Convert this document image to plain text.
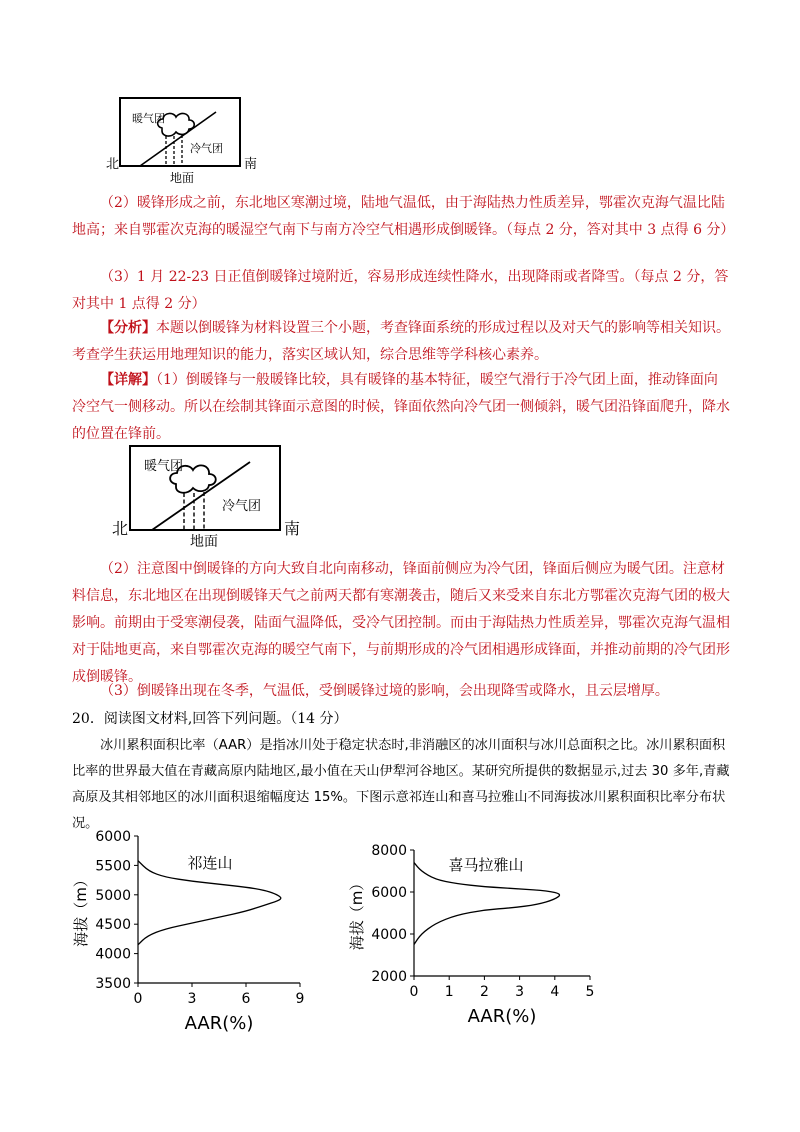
暖气团
冷气团
北	南
地面

（2）暖锋形成之前，东北地区寒潮过境，陆地气温低，由于海陆热力性质差异，鄂霍次克海气温比陆地高；来自鄂霍次克海的暖湿空气南下与南方冷空气相遇形成倒暖锋。（每点 2 分，答对其中 3 点得 6 分）

（3）1 月 22-23 日正值倒暖锋过境附近，容易形成连续性降水，出现降雨或者降雪。（每点 2 分，答对其中 1 点得 2 分）

【分析】本题以倒暖锋为材料设置三个小题，考查锋面系统的形成过程以及对天气的影响等相关知识。考查学生获运用地理知识的能力，落实区域认知，综合思维等学科核心素养。

【详解】（1）倒暖锋与一般暖锋比较，具有暖锋的基本特征，暖空气滑行于冷气团上面，推动锋面向冷空气一侧移动。所以在绘制其锋面示意图的时候，锋面依然向冷气团一侧倾斜，暖气团沿锋面爬升，降水的位置在锋前。

暖气团
冷气团
北	南
地面

（2）注意图中倒暖锋的方向大致自北向南移动，锋面前侧应为冷气团，锋面后侧应为暖气团。注意材料信息，东北地区在出现倒暖锋天气之前两天都有寒潮袭击，随后又来受来自东北方鄂霍次克海气团的极大影响。前期由于受寒潮侵袭，陆面气温降低，受冷气团控制。而由于海陆热力性质差异，鄂霍次克海气温相对于陆地更高，来自鄂霍次克海的暖空气南下，与前期形成的冷气团相遇形成锋面，并推动前期的冷气团形成倒暖锋。

（3）倒暖锋出现在冬季，气温低，受倒暖锋过境的影响，会出现降雪或降水，且云层增厚。

20．阅读图文材料,回答下列问题。（14 分）

冰川累积面积比率（AAR）是指冰川处于稳定状态时,非消融区的冰川面积与冰川总面积之比。冰川累积面积比率的世界最大值在青藏高原内陆地区,最小值在天山伊犁河谷地区。某研究所提供的数据显示,过去 30 多年,青藏高原及其相邻地区的冰川面积退缩幅度达 15%。下图示意祁连山和喜马拉雅山不同海拔冰川累积面积比率分布状况。

3500
4000
4500
5000
5500
6000
0	3	6	9
祁连山
AAR(%)
海拔（m）
2000
4000
6000
8000
0 1 2 3 4 5
喜马拉雅山
AAR(%)
海拔（m）
